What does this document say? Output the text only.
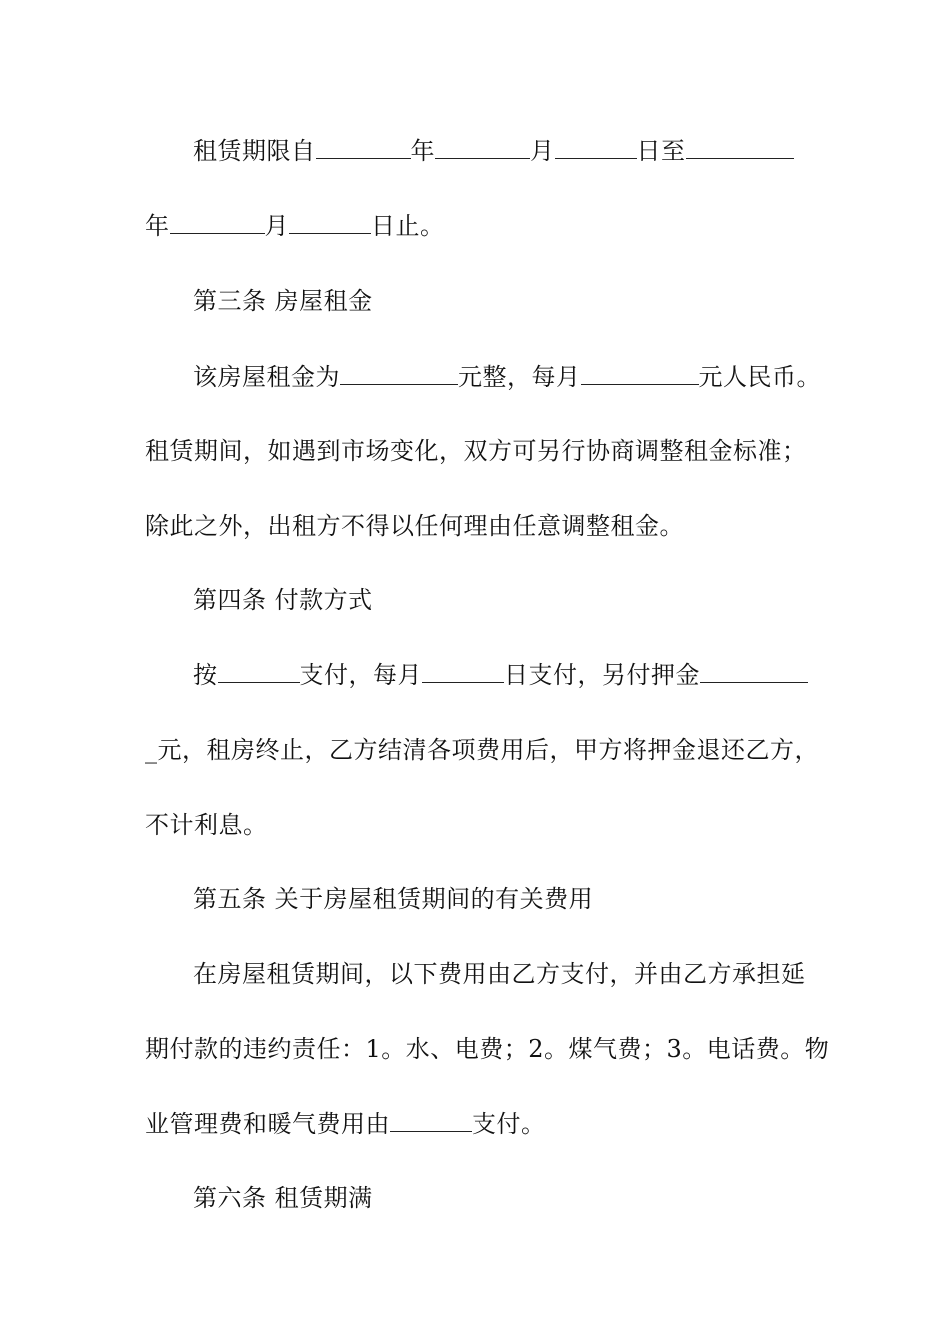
租赁期限自	年	月	日至
年	月	日止。
第三条 房屋租金
该房屋租金为	元整，每月	元人民币。
租赁期间，如遇到市场变化，双方可另行协商调整租金标准；
除此之外，出租方不得以任何理由任意调整租金。
第四条 付款方式
按	支付，每月	日支付，另付押金
_元，租房终止，乙方结清各项费用后，甲方将押金退还乙方，
不计利息。
第五条 关于房屋租赁期间的有关费用
在房屋租赁期间，以下费用由乙方支付，并由乙方承担延
期付款的违约责任：1。水、电费；2。煤气费；3。电话费。物
业管理费和暖气费用由	支付。
第六条 租赁期满
